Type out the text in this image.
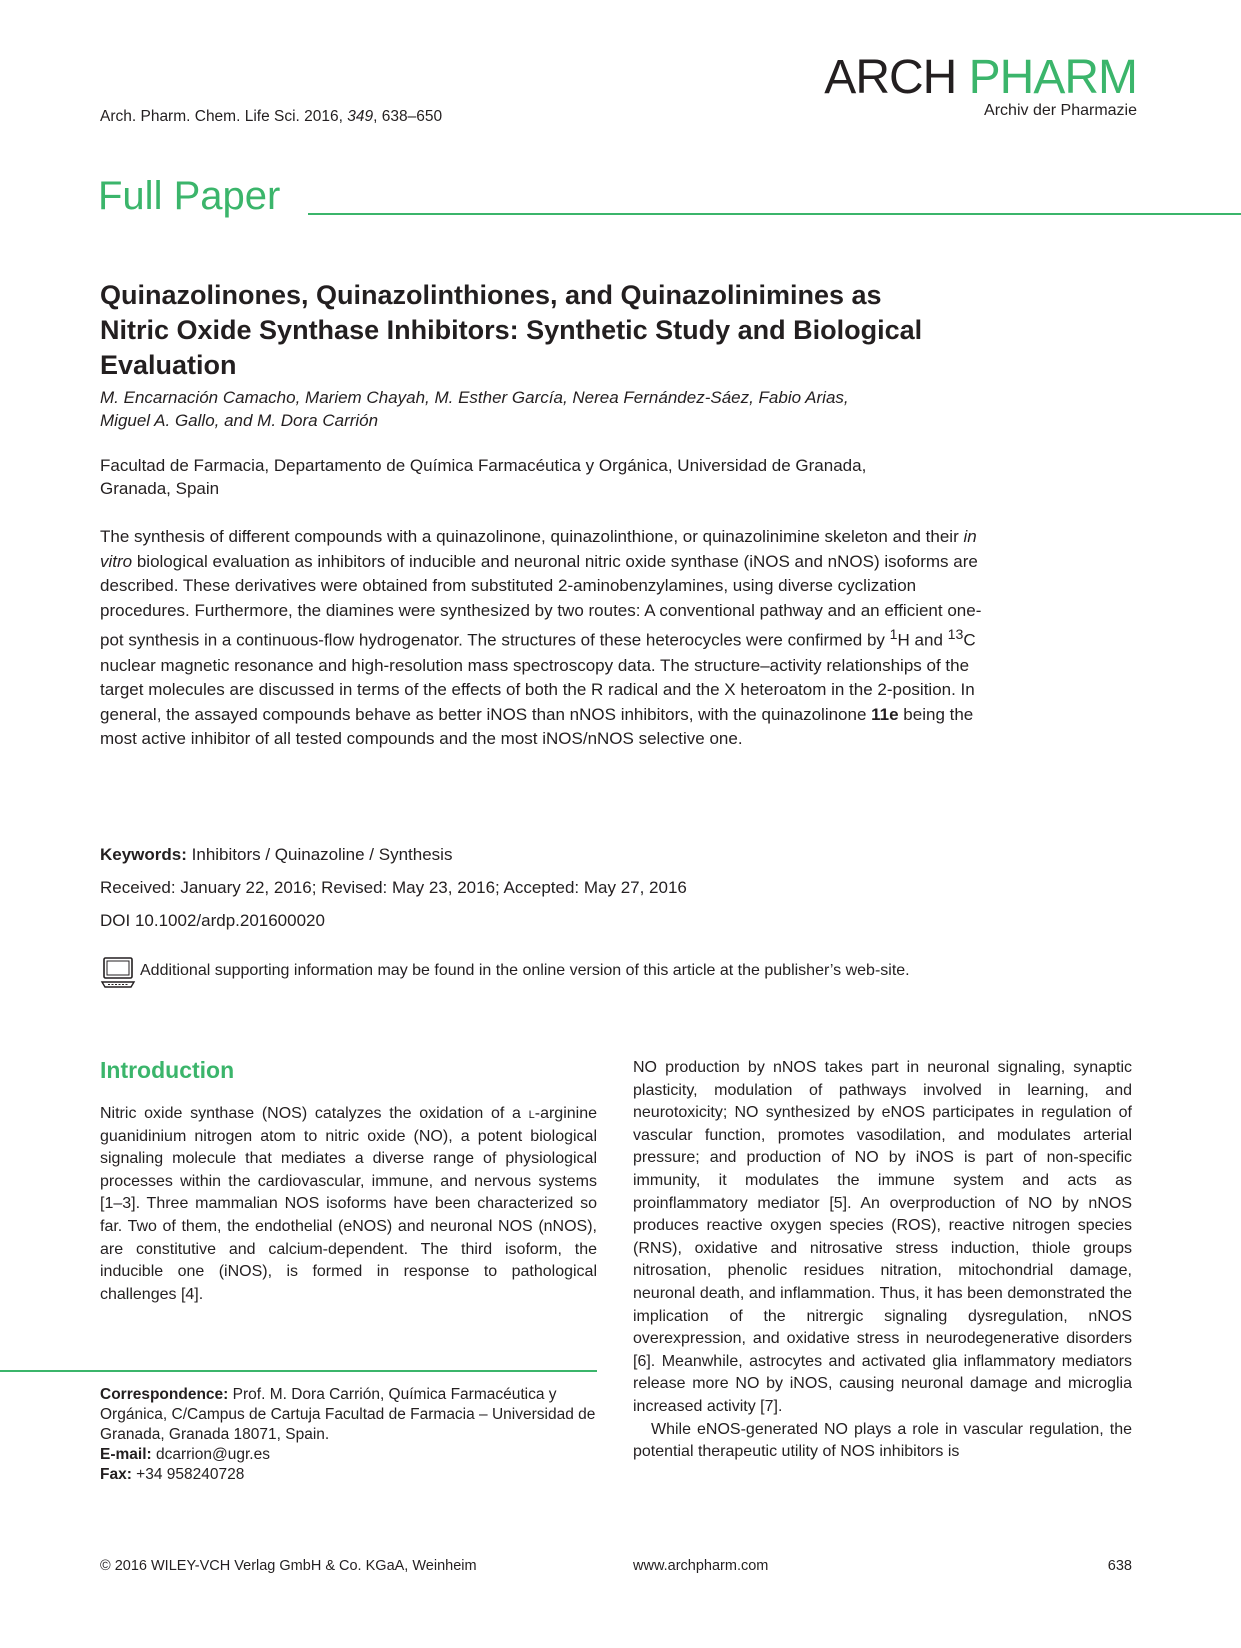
Arch. Pharm. Chem. Life Sci. 2016, 349, 638–650
ARCH PHARM
Archiv der Pharmazie
Full Paper
Quinazolinones, Quinazolinthiones, and Quinazolinimines as Nitric Oxide Synthase Inhibitors: Synthetic Study and Biological Evaluation
M. Encarnación Camacho, Mariem Chayah, M. Esther García, Nerea Fernández-Sáez, Fabio Arias,
Miguel A. Gallo, and M. Dora Carrión
Facultad de Farmacia, Departamento de Química Farmacéutica y Orgánica, Universidad de Granada,
Granada, Spain

The synthesis of different compounds with a quinazolinone, quinazolinthione, or quinazolinimine skeleton and their in vitro biological evaluation as inhibitors of inducible and neuronal nitric oxide synthase (iNOS and nNOS) isoforms are described. These derivatives were obtained from substituted 2-aminobenzylamines, using diverse cyclization procedures. Furthermore, the diamines were synthesized by two routes: A conventional pathway and an efficient one-pot synthesis in a continuous-flow hydrogenator. The structures of these heterocycles were confirmed by $^1$H and $^{13}$C nuclear magnetic resonance and high-resolution mass spectroscopy data. The structure–activity relationships of the target molecules are discussed in terms of the effects of both the R radical and the X heteroatom in the 2-position. In general, the assayed compounds behave as better iNOS than nNOS inhibitors, with the quinazolinone 11e being the most active inhibitor of all tested compounds and the most iNOS/nNOS selective one.

Keywords: Inhibitors / Quinazoline / Synthesis
Received: January 22, 2016; Revised: May 23, 2016; Accepted: May 27, 2016
DOI 10.1002/ardp.201600020
Additional supporting information may be found in the online version of this article at the publisher’s web-site.
Introduction

Nitric oxide synthase (NOS) catalyzes the oxidation of a l-arginine guanidinium nitrogen atom to nitric oxide (NO), a potent biological signaling molecule that mediates a diverse range of physiological processes within the cardiovascular, immune, and nervous systems [1–3]. Three mammalian NOS isoforms have been characterized so far. Two of them, the endothelial (eNOS) and neuronal NOS (nNOS), are constitutive and calcium-dependent. The third isoform, the inducible one (iNOS), is formed in response to pathological challenges [4].

Correspondence: Prof. M. Dora Carrión, Química Farmacéutica y Orgánica, C/Campus de Cartuja Facultad de Farmacia – Universidad de Granada, Granada 18071, Spain.
E-mail: dcarrion@ugr.es
Fax: +34 958240728

NO production by nNOS takes part in neuronal signaling, synaptic plasticity, modulation of pathways involved in learning, and neurotoxicity; NO synthesized by eNOS participates in regulation of vascular function, promotes vasodilation, and modulates arterial pressure; and production of NO by iNOS is part of non-specific immunity, it modulates the immune system and acts as proinflammatory mediator [5]. An overproduction of NO by nNOS produces reactive oxygen species (ROS), reactive nitrogen species (RNS), oxidative and nitrosative stress induction, thiole groups nitrosation, phenolic residues nitration, mitochondrial damage, neuronal death, and inflammation. Thus, it has been demonstrated the implication of the nitrergic signaling dysregulation, nNOS overexpression, and oxidative stress in neurodegenerative disorders [6]. Meanwhile, astrocytes and activated glia inflammatory mediators release more NO by iNOS, causing neuronal damage and microglia increased activity [7].

While eNOS-generated NO plays a role in vascular regulation, the potential therapeutic utility of NOS inhibitors is

© 2016 WILEY-VCH Verlag GmbH & Co. KGaA, Weinheim	www.archpharm.com	638
